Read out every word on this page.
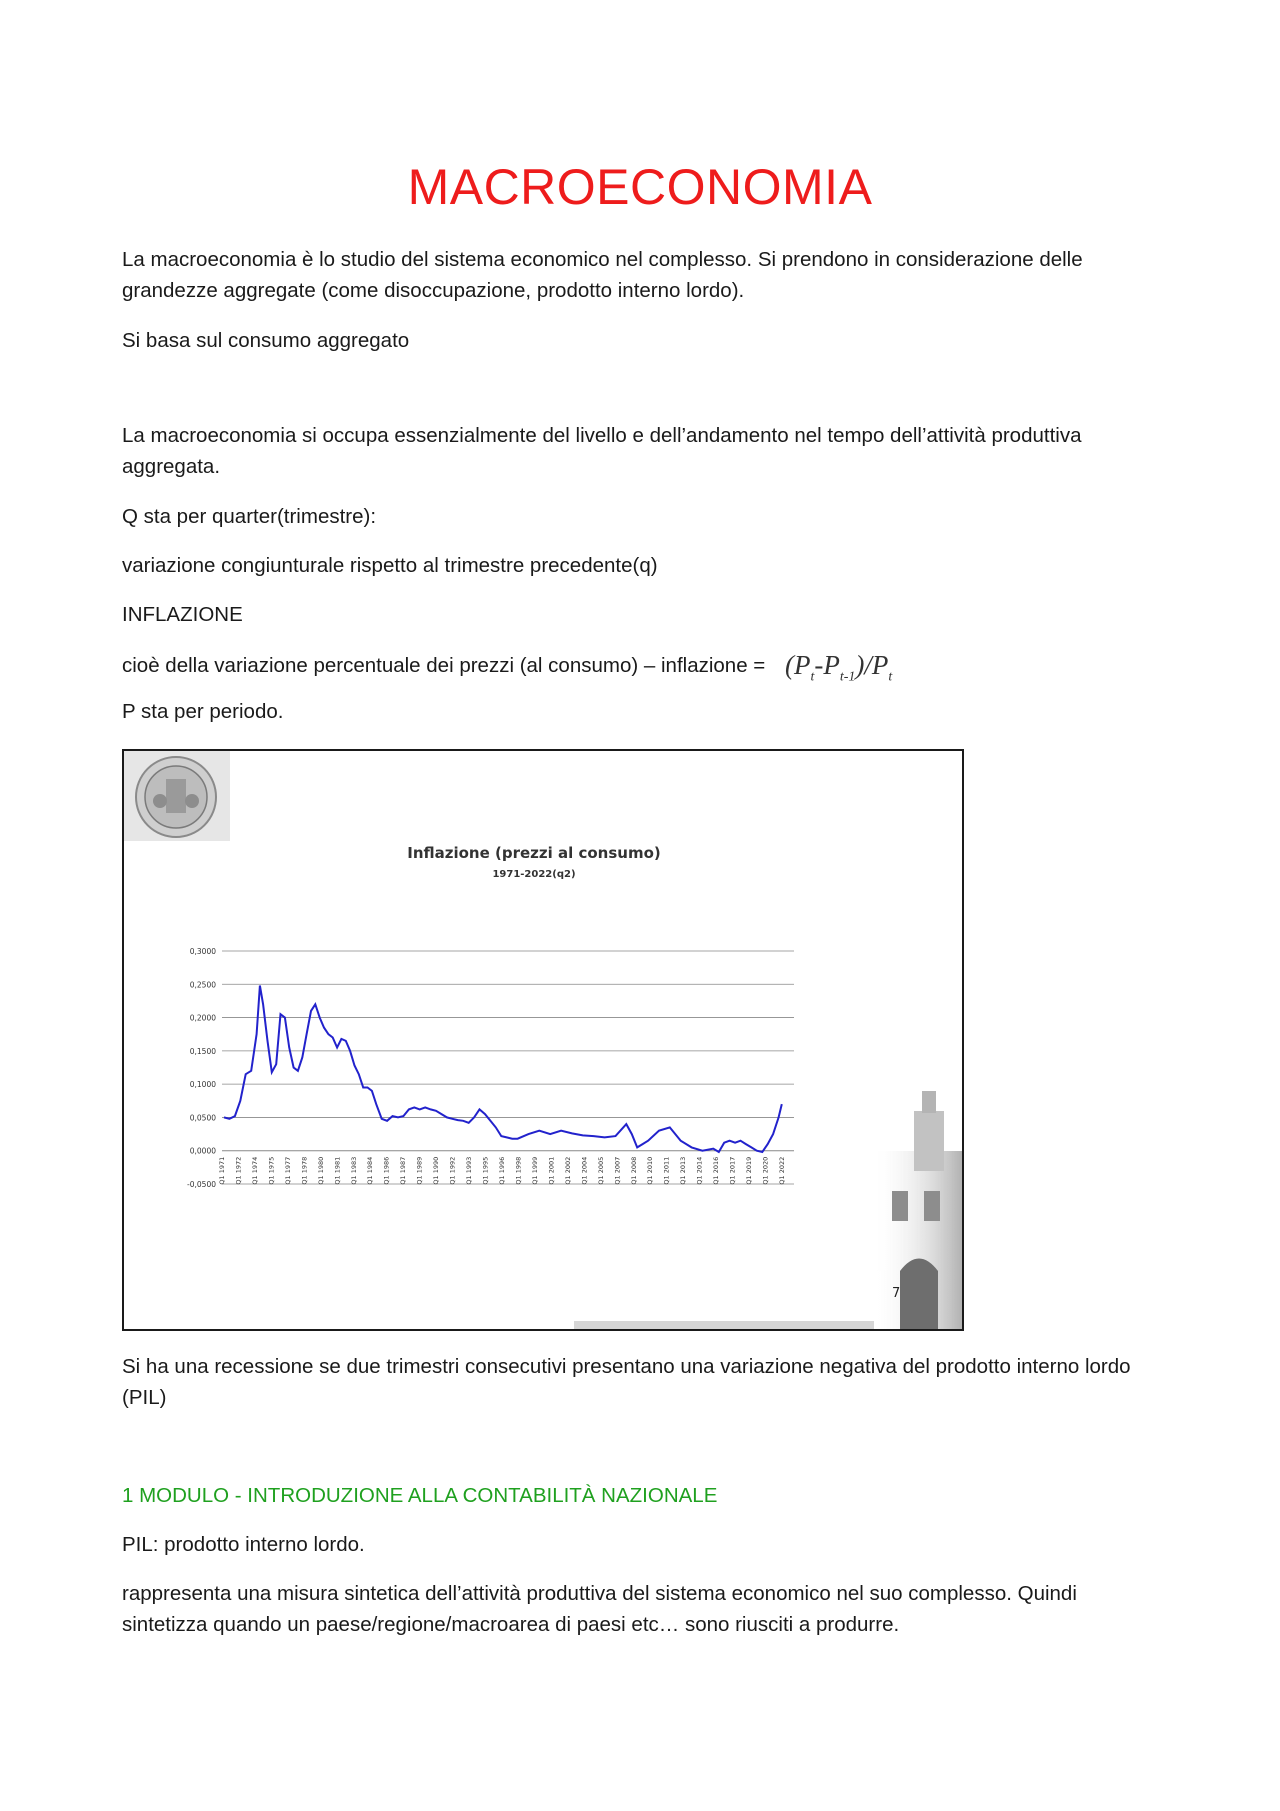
MACROECONOMIA

La macroeconomia è lo studio del sistema economico nel complesso. Si prendono in considerazione delle grandezze aggregate (come disoccupazione, prodotto interno lordo).

Si basa sul consumo aggregato

La macroeconomia si occupa essenzialmente del livello e dell’andamento nel tempo dell’attività produttiva aggregata.

Q sta per quarter(trimestre):

variazione congiunturale rispetto al trimestre precedente(q)

INFLAZIONE

cioè della variazione percentuale dei prezzi (al consumo) – inflazione = $(P_t-P_{t-1})/P_t$

P sta per periodo.

Inflazione (prezzi al consumo)
1971-2022(q2)
0,3000
0,2500
0,2000
0,1500
0,1000
0,0500
0,0000
-0,0500 Q1 1971 Q1 1972 Q1 1974 Q1 1975 Q1 1977 Q1 1978 Q1 1980 Q1 1981 Q1 1983 Q1 1984 Q1 1986 Q1 1987 Q1 1989 Q1 1990 Q1 1992 Q1 1993 Q1 1995 Q1 1996 Q1 1998 Q1 1999 Q1 2001 Q1 2002 Q1 2004 Q1 2005 Q1 2007 Q1 2008 Q1 2010 Q1 2011 Q1 2013 Q1 2014 Q1 2016 Q1 2017 Q1 2019 Q1 2020 Q1 2022
7

Si ha una recessione se due trimestri consecutivi presentano una variazione negativa del prodotto interno lordo (PIL)

1 MODULO - INTRODUZIONE ALLA CONTABILITÀ NAZIONALE

PIL: prodotto interno lordo.

rappresenta una misura sintetica dell’attività produttiva del sistema economico nel suo complesso. Quindi sintetizza quando un paese/regione/macroarea di paesi etc… sono riusciti a produrre.
